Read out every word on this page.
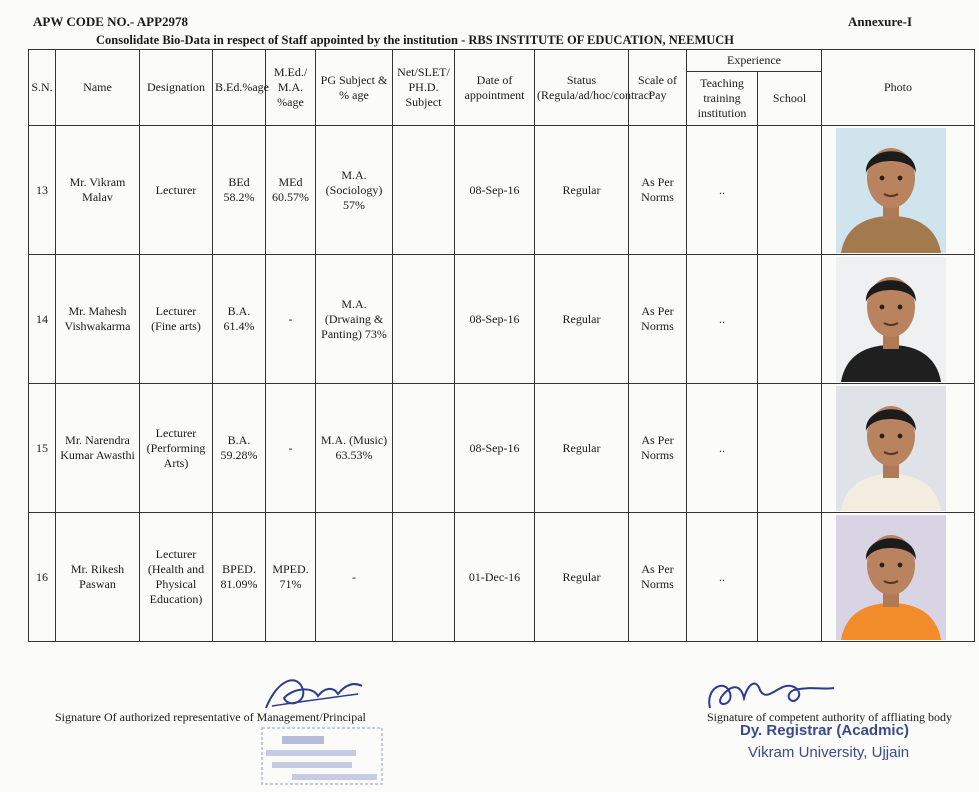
APW CODE NO.- APP2978	Annexure-I
Consolidate Bio-Data in respect of Staff appointed by the institution - RBS INSTITUTE OF EDUCATION, NEEMUCH
S.N.	Name	Designation	B.Ed.%age	M.Ed./ M.A. %age	PG Subject & % age	Net/SLET/ PH.D. Subject	Date of appointment	Status (Regula/ad/hoc/contract	Scale of Pay	Experience		Photo
										Teaching training institution	School	
13	Mr. Vikram Malav	Lecturer	BEd 58.2%	MEd 60.57%	M.A. (Sociology) 57%		08-Sep-16	Regular	As Per Norms	..		

14	Mr. Mahesh Vishwakarma	Lecturer (Fine arts)	B.A. 61.4%	-	M.A. (Drwaing & Panting) 73%		08-Sep-16	Regular	As Per Norms	..		

15	Mr. Narendra Kumar Awasthi	Lecturer (Performing Arts)	B.A. 59.28%	-	M.A. (Music) 63.53%		08-Sep-16	Regular	As Per Norms	..		

16	Mr. Rikesh Paswan	Lecturer (Health and Physical Education)	BPED. 81.09%	MPED. 71%	-		01-Dec-16	Regular	As Per Norms	..		
Signature Of authorized representative of Management/Principal	Signature of competent authority of affliating body
Dy. Registrar (Acadmic)
Vikram University, Ujjain
